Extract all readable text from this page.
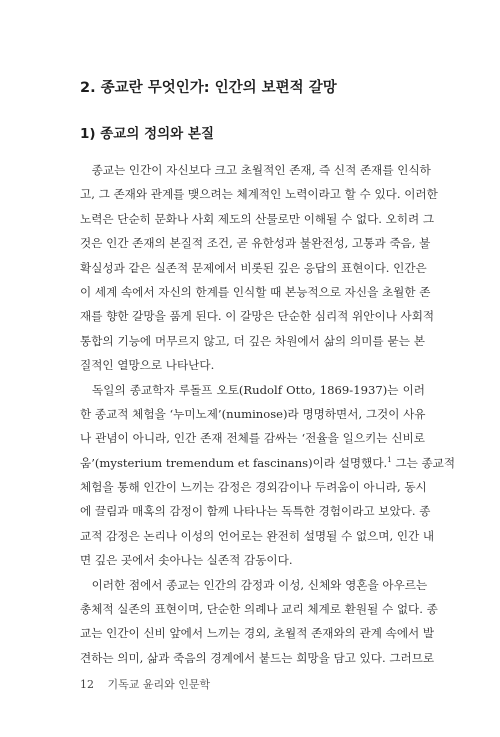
2. 종교란 무엇인가: 인간의 보편적 갈망
1) 종교의 정의와 본질

　종교는 인간이 자신보다 크고 초월적인 존재, 즉 신적 존재를 인식하
고, 그 존재와 관계를 맺으려는 체계적인 노력이라고 할 수 있다. 이러한
노력은 단순히 문화나 사회 제도의 산물로만 이해될 수 없다. 오히려 그
것은 인간 존재의 본질적 조건, 곧 유한성과 불완전성, 고통과 죽음, 불
확실성과 같은 실존적 문제에서 비롯된 깊은 응답의 표현이다. 인간은
이 세계 속에서 자신의 한계를 인식할 때 본능적으로 자신을 초월한 존
재를 향한 갈망을 품게 된다. 이 갈망은 단순한 심리적 위안이나 사회적
통합의 기능에 머무르지 않고, 더 깊은 차원에서 삶의 의미를 묻는 본
질적인 열망으로 나타난다.

　독일의 종교학자 루돌프 오토(Rudolf Otto, 1869-1937)는 이러
한 종교적 체험을 ‘누미노제’(numinose)라 명명하면서, 그것이 사유
나 관념이 아니라, 인간 존재 전체를 감싸는 ‘전율을 일으키는 신비로
움’(mysterium tremendum et fascinans)이라 설명했다.$^1$ 그는 종교적
체험을 통해 인간이 느끼는 감정은 경외감이나 두려움이 아니라, 동시
에 끌림과 매혹의 감정이 함께 나타나는 독특한 경험이라고 보았다. 종
교적 감정은 논리나 이성의 언어로는 완전히 설명될 수 없으며, 인간 내
면 깊은 곳에서 솟아나는 실존적 감동이다.

　이러한 점에서 종교는 인간의 감정과 이성, 신체와 영혼을 아우르는
총체적 실존의 표현이며, 단순한 의례나 교리 체계로 환원될 수 없다. 종
교는 인간이 신비 앞에서 느끼는 경외, 초월적 존재와의 관계 속에서 발
견하는 의미, 삶과 죽음의 경계에서 붙드는 희망을 담고 있다. 그러므로

12 기독교 윤리와 인문학
